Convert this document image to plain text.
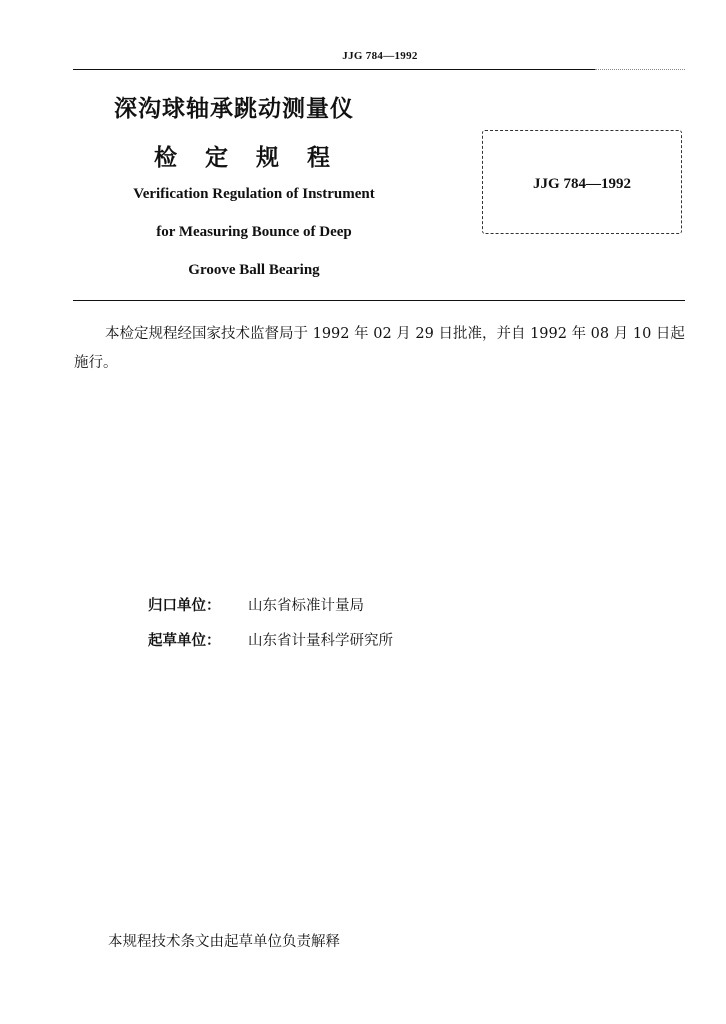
JJG 784—1992
深沟球轴承跳动测量仪
检 定 规 程
Verification Regulation of Instrument
for Measuring Bounce of Deep
Groove Ball Bearing
JJG 784—1992
本检定规程经国家技术监督局于 1992 年 02 月 29 日批准，并自 1992 年 08 月 10 日起施行。
归口单位： 山东省标准计量局
起草单位： 山东省计量科学研究所
本规程技术条文由起草单位负责解释
